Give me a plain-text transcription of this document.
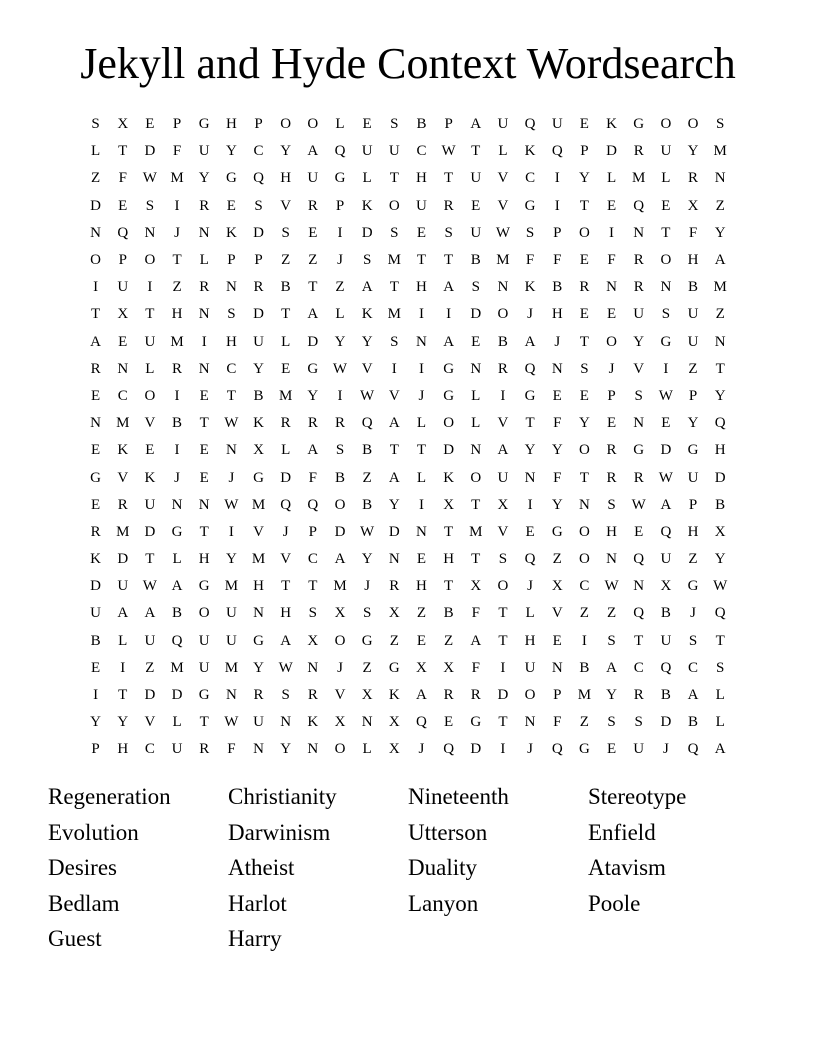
Jekyll and Hyde Context Wordsearch
S	X	E	P	G	H	P	O	O	L	E	S	B	P	A	U	Q	U	E	K	G	O	O	S
L	T	D	F	U	Y	C	Y	A	Q	U	U	C	W	T	L	K	Q	P	D	R	U	Y	M
Z	F	W M	Y	G	Q	H	U	G	L	T	H	T	U	V	C	I	Y	L	M	L	R	N
D	E	S	I	R	E	S	V	R	P	K	O	U	R	E	V	G	I	T	E	Q	E	X	Z
N	Q	N	J	N	K	D	S	E	I	D	S	E	S	U W	S	P	O	I	N	T	F	Y
O	P	O	T	L	P	P	Z	Z	J	S	M	T	T	B	M	F	F	E	F	R	O	H	A
I	U	I	Z	R	N	R	B	T	Z	A	T	H	A	S	N	K	B	R	N	R	N	B	M
T	X	T	H	N	S	D	T	A	L	K	M	I	I	D	O	J	H	E	E	U	S	U	Z
A	E	U	M	I	H	U	L	D	Y	Y	S	N	A	E	B	A	J	T	O	Y	G	U	N
R	N	L	R	N	C	Y	E	G W V	I	I	G	N	R	Q	N	S	J	V	I	Z	T
E	C	O	I	E	T	B	M	Y	I	W V	J	G	L	I	G	E	E	P	S	W	P	Y
N	M	V	B	T	W K	R	R	R	Q	A	L	O	L	V	T	F	Y	E	N	E	Y	Q
E	K	E	I	E	N	X	L	A	S	B	T	T	D	N	A	Y	Y	O	R	G	D	G	H
G	V	K	J	E	J	G	D	F	B	Z	A	L	K	O	U	N	F	T	R	R	W U	D
E	R	U	N	N W M	Q	Q	O	B	Y	I	X	T	X	I	Y	N	S	W A	P	B
R	M	D	G	T	I	V	J	P	D W D	N	T	M	V	E	G	O	H	E	Q	H	X
K	D	T	L	H	Y	M	V	C	A	Y	N	E	H	T	S	Q	Z	O	N	Q	U	Z	Y
D	U W A	G	M	H	T	T	M	J	R	H	T	X	O	J	X	C	W N	X	G W
U	A	A	B	O	U	N	H	S	X	S	X	Z	B	F	T	L	V	Z	Z	Q	B	J	Q
B	L	U	Q	U	U	G	A	X	O	G	Z	E	Z	A	T	H	E	I	S	T	U	S	T
E	I	Z	M	U	M	Y W N	J	Z	G	X	X	F	I	U	N	B	A	C	Q	C	S
I	T	D	D	G	N	R	S	R	V	X	K	A	R	R	D	O	P	M	Y	R	B	A	L
Y	Y	V	L	T	W U	N	K	X	N	X	Q	E	G	T	N	F	Z	S	S	D	B	L
P	H	C	U	R	F	N	Y	N	O	L	X	J	Q	D	I	J	Q	G	E	U	J	Q	A
Regeneration	Christianity	Nineteenth	Stereotype
Evolution	Darwinism	Utterson	Enfield
Desires	Atheist	Duality	Atavism
Bedlam	Harlot	Lanyon	Poole
Guest	Harry
